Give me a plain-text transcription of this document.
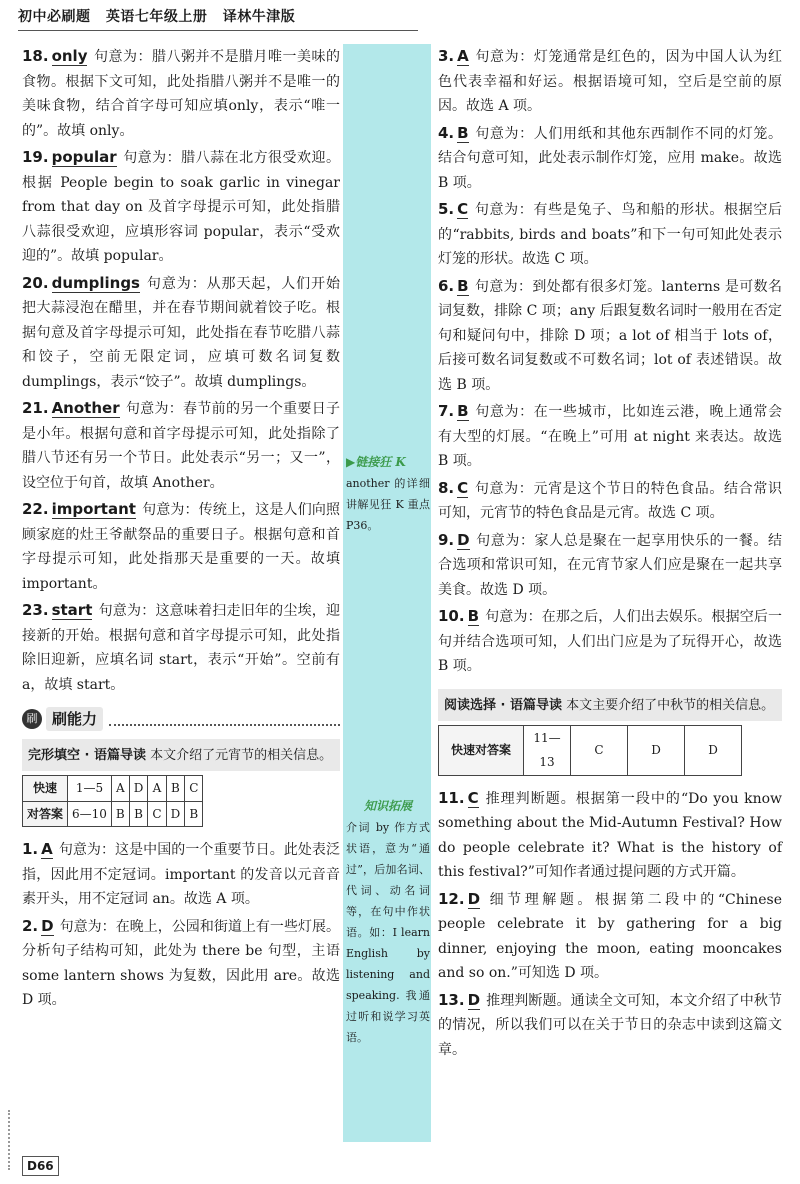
初中必刷题 英语七年级上册 译林牛津版
▶链接狂 K
another 的详细讲解见狂 K 重点 P36。
知识拓展
介词 by 作方式状语，意为“通过”，后加名词、代词、动名词等，在句中作状语。如：I learn English by listening and speaking. 我通过听和说学习英语。
18. only 句意为：腊八粥并不是腊月唯一美味的食物。根据下文可知，此处指腊八粥并不是唯一的美味食物，结合首字母可知应填only，表示“唯一的”。故填 only。
19. popular 句意为：腊八蒜在北方很受欢迎。根据 People begin to soak garlic in vinegar from that day on 及首字母提示可知，此处指腊八蒜很受欢迎，应填形容词 popular，表示“受欢迎的”。故填 popular。
20. dumplings 句意为：从那天起，人们开始把大蒜浸泡在醋里，并在春节期间就着饺子吃。根据句意及首字母提示可知，此处指在春节吃腊八蒜和饺子，空前无限定词，应填可数名词复数 dumplings，表示“饺子”。故填 dumplings。
21. Another 句意为：春节前的另一个重要日子是小年。根据句意和首字母提示可知，此处指除了腊八节还有另一个节日。此处表示“另一；又一”，设空位于句首，故填 Another。
22. important 句意为：传统上，这是人们向照顾家庭的灶王爷献祭品的重要日子。根据句意和首字母提示可知，此处指那天是重要的一天。故填 important。
23. start 句意为：这意味着扫走旧年的尘埃，迎接新的开始。根据句意和首字母提示可知，此处指除旧迎新，应填名词 start，表示“开始”。空前有 a，故填 start。
刷 刷能力
完形填空 · 语篇导读 本文介绍了元宵节的相关信息。
快速	1—5	A	D	A	B	C
对答案	6—10	B	B	C	D	B
1. A 句意为：这是中国的一个重要节日。此处表泛指，因此用不定冠词。important 的发音以元音音素开头，用不定冠词 an。故选 A 项。
2. D 句意为：在晚上，公园和街道上有一些灯展。分析句子结构可知，此处为 there be 句型，主语 some lantern shows 为复数，因此用 are。故选 D 项。
3. A 句意为：灯笼通常是红色的，因为中国人认为红色代表幸福和好运。根据语境可知，空后是空前的原因。故选 A 项。
4. B 句意为：人们用纸和其他东西制作不同的灯笼。结合句意可知，此处表示制作灯笼，应用 make。故选 B 项。
5. C 句意为：有些是兔子、鸟和船的形状。根据空后的“rabbits, birds and boats”和下一句可知此处表示灯笼的形状。故选 C 项。
6. B 句意为：到处都有很多灯笼。lanterns 是可数名词复数，排除 C 项；any 后跟复数名词时一般用在否定句和疑问句中，排除 D 项；a lot of 相当于 lots of，后接可数名词复数或不可数名词；lot of 表述错误。故选 B 项。
7. B 句意为：在一些城市，比如连云港，晚上通常会有大型的灯展。“在晚上”可用 at night 来表达。故选 B 项。
8. C 句意为：元宵是这个节日的特色食品。结合常识可知，元宵节的特色食品是元宵。故选 C 项。
9. D 句意为：家人总是聚在一起享用快乐的一餐。结合选项和常识可知，在元宵节家人们应是聚在一起共享美食。故选 D 项。
10. B 句意为：在那之后，人们出去娱乐。根据空后一句并结合选项可知，人们出门应是为了玩得开心，故选 B 项。
阅读选择 · 语篇导读 本文主要介绍了中秋节的相关信息。
快速对答案	11—13	C	D	D
11. C 推理判断题。根据第一段中的“Do you know something about the Mid-Autumn Festival? How do people celebrate it? What is the history of this festival?”可知作者通过提问题的方式开篇。
12. D 细节理解题。根据第二段中的“Chinese people celebrate it by gathering for a big dinner, enjoying the moon, eating mooncakes and so on.”可知选 D 项。
13. D 推理判断题。通读全文可知，本文介绍了中秋节的情况，所以我们可以在关于节日的杂志中读到这篇文章。
D66
